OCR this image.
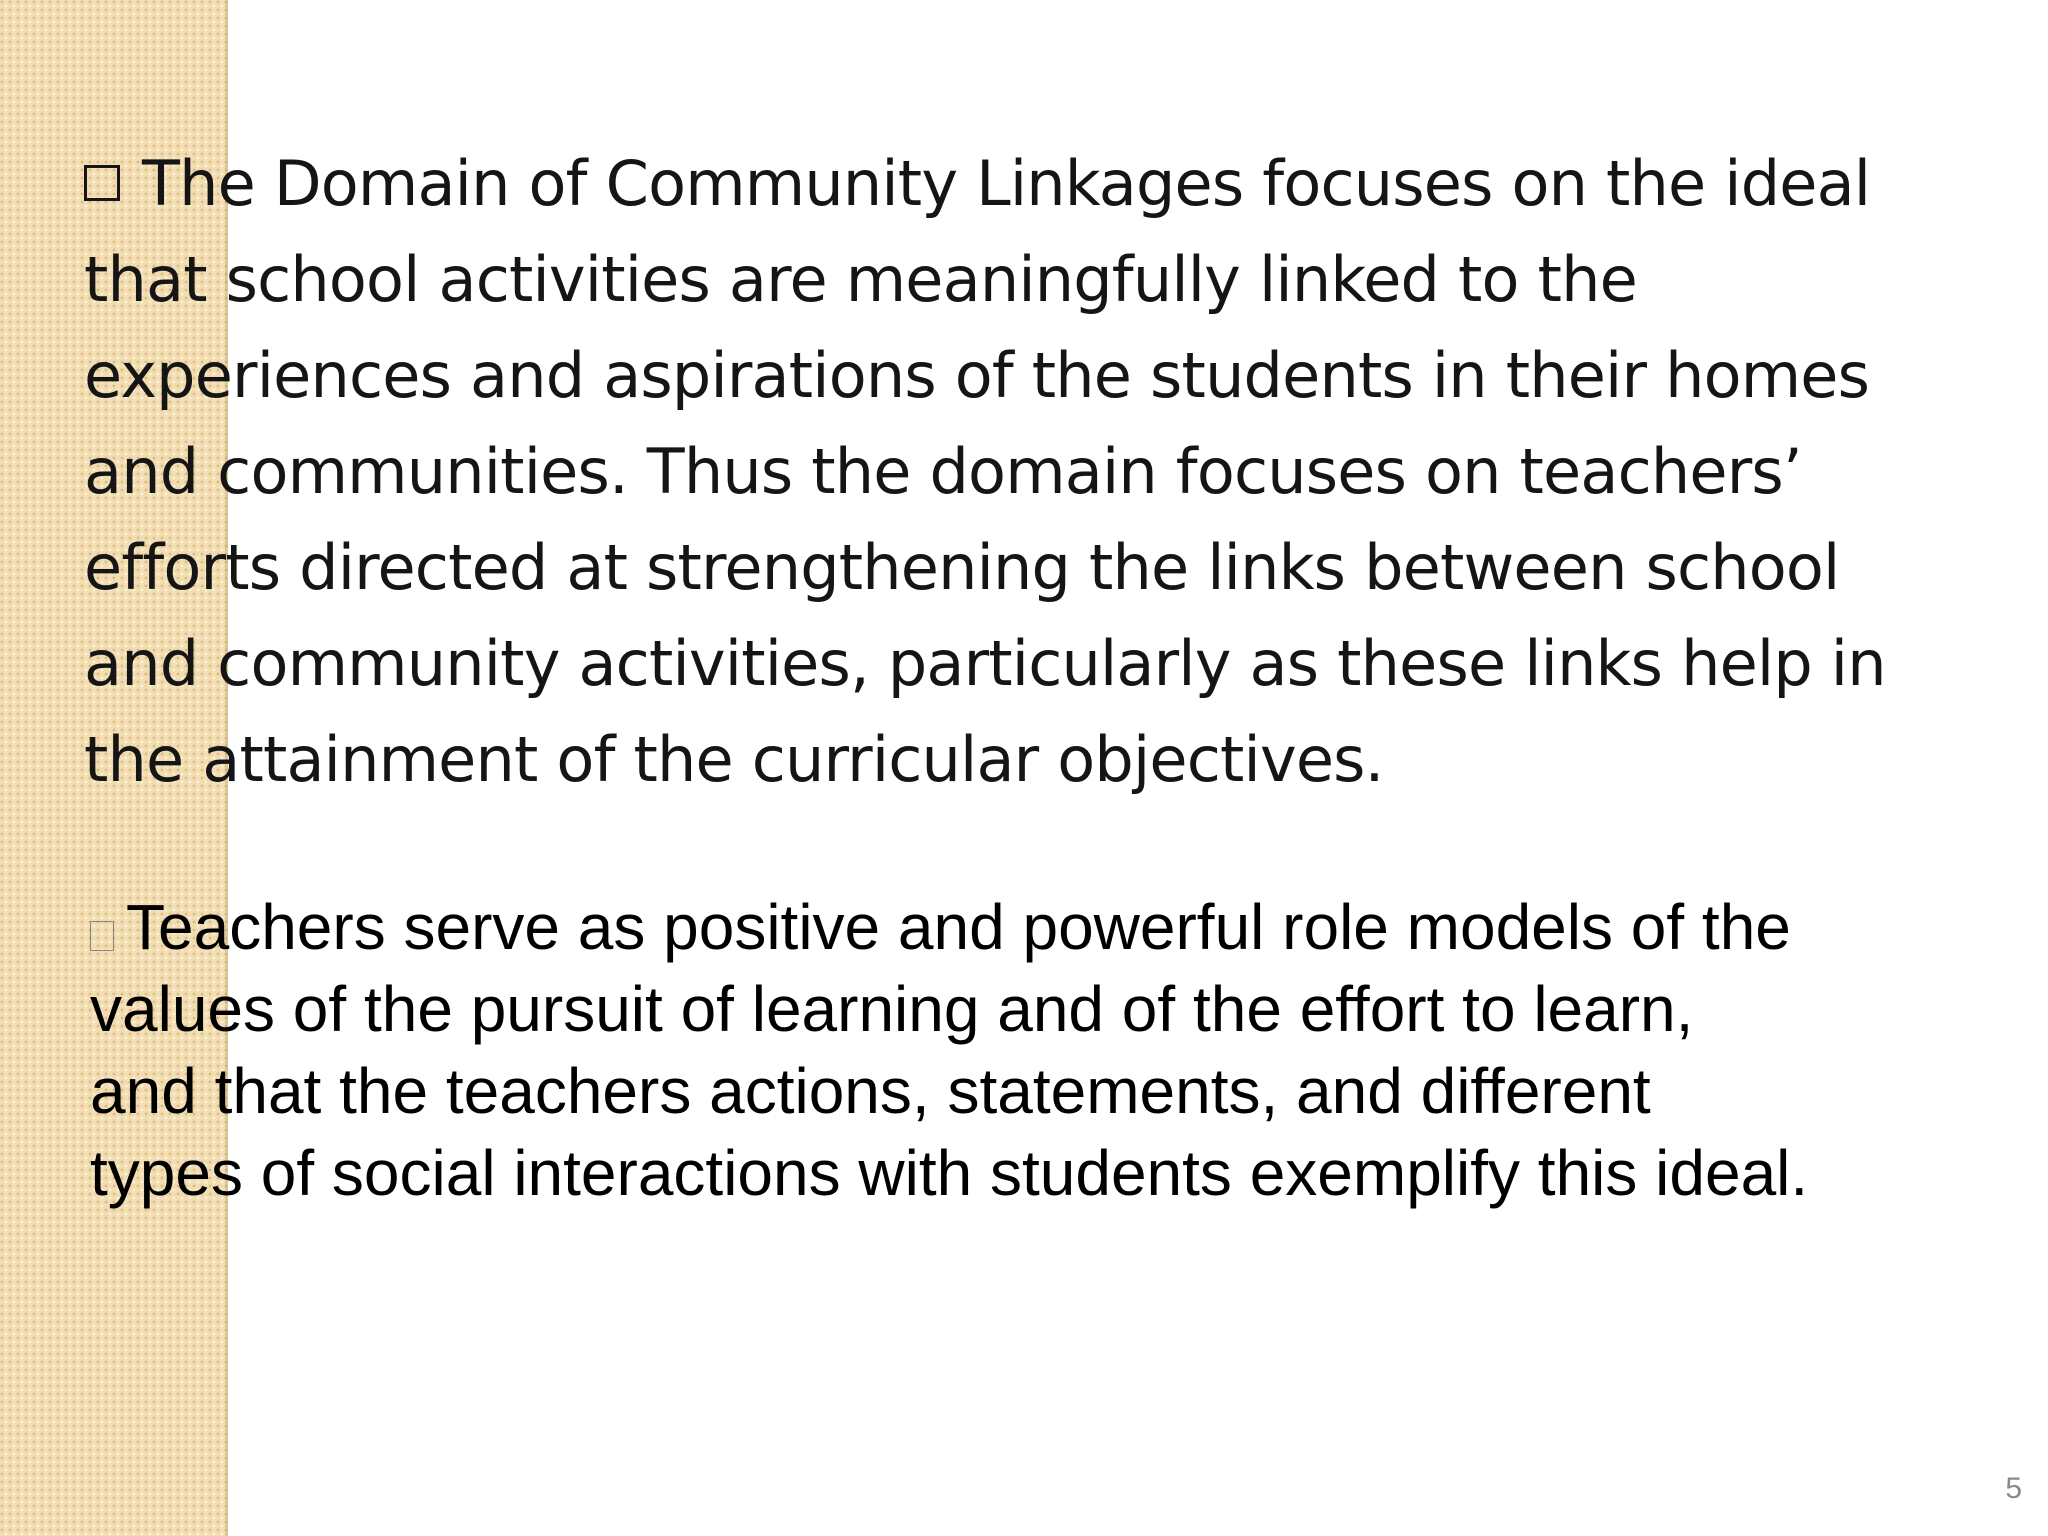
The Domain of Community Linkages focuses on the ideal
that school activities are meaningfully linked to the
experiences and aspirations of the students in their homes
and communities. Thus the domain focuses on teachers’
efforts directed at strengthening the links between school
and community activities, particularly as these links help in
the attainment of the curricular objectives.

Teachers serve as positive and powerful role models of the
values of the pursuit of learning and of the effort to learn,
and that the teachers actions, statements, and different
types of social interactions with students exemplify this ideal.

5
